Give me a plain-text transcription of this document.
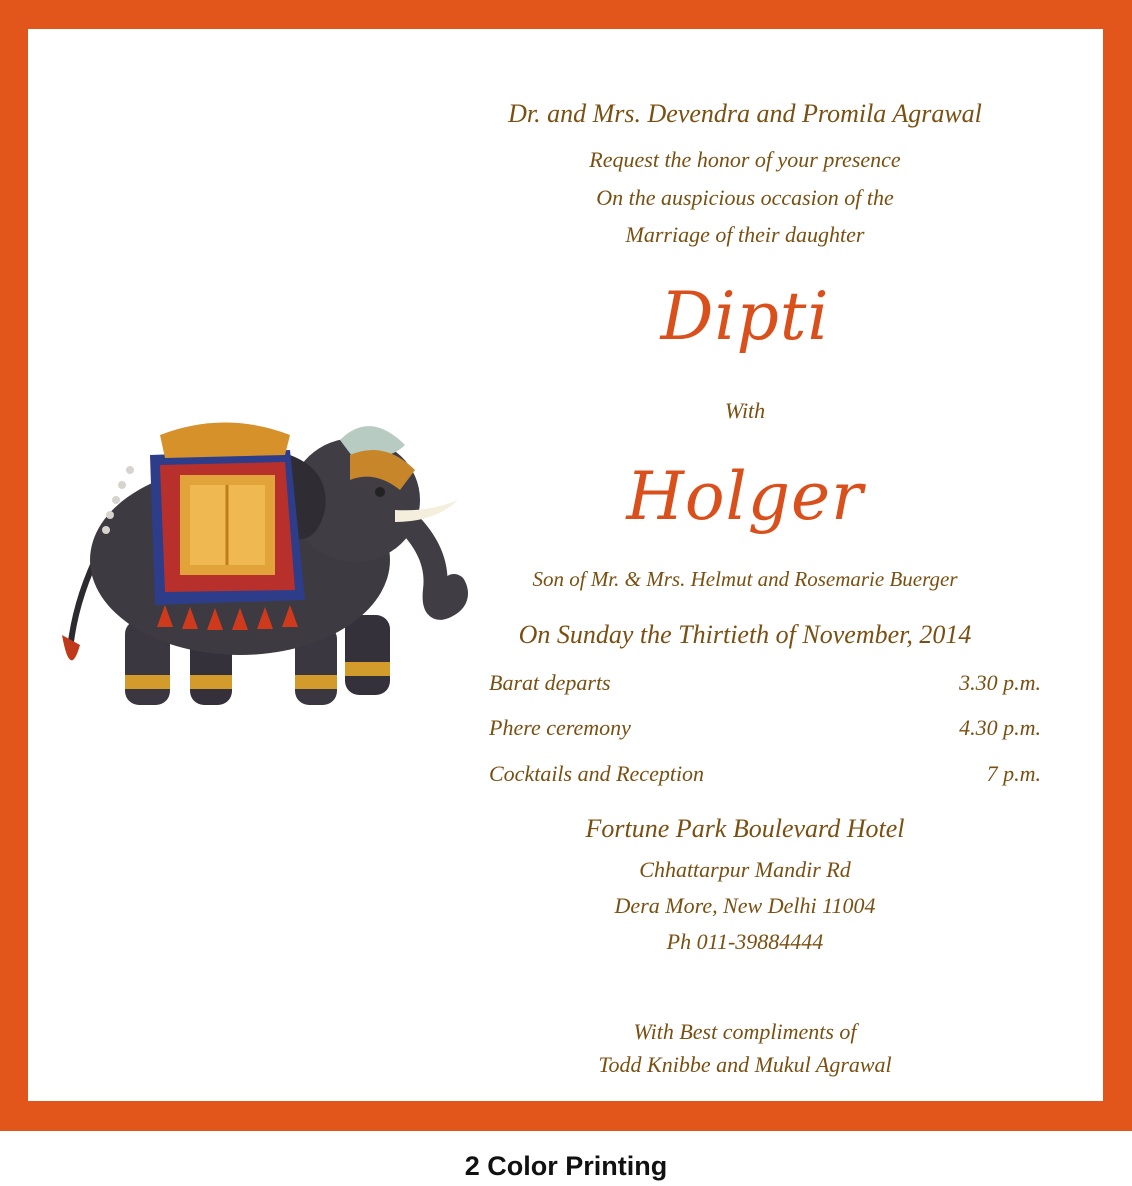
Dr. and Mrs. Devendra and Promila Agrawal
Request the honor of your presence
On the auspicious occasion of the
Marriage of their daughter
Dipti
With
Holger
Son of Mr. & Mrs. Helmut and Rosemarie Buerger
On Sunday the Thirtieth of November, 2014
Barat departs	3.30 p.m.
Phere ceremony	4.30 p.m.
Cocktails and Reception	7 p.m.
Fortune Park Boulevard Hotel
Chhattarpur Mandir Rd
Dera More, New Delhi 11004
Ph 011-39884444
With Best compliments of
Todd Knibbe and Mukul Agrawal
2 Color Printing
